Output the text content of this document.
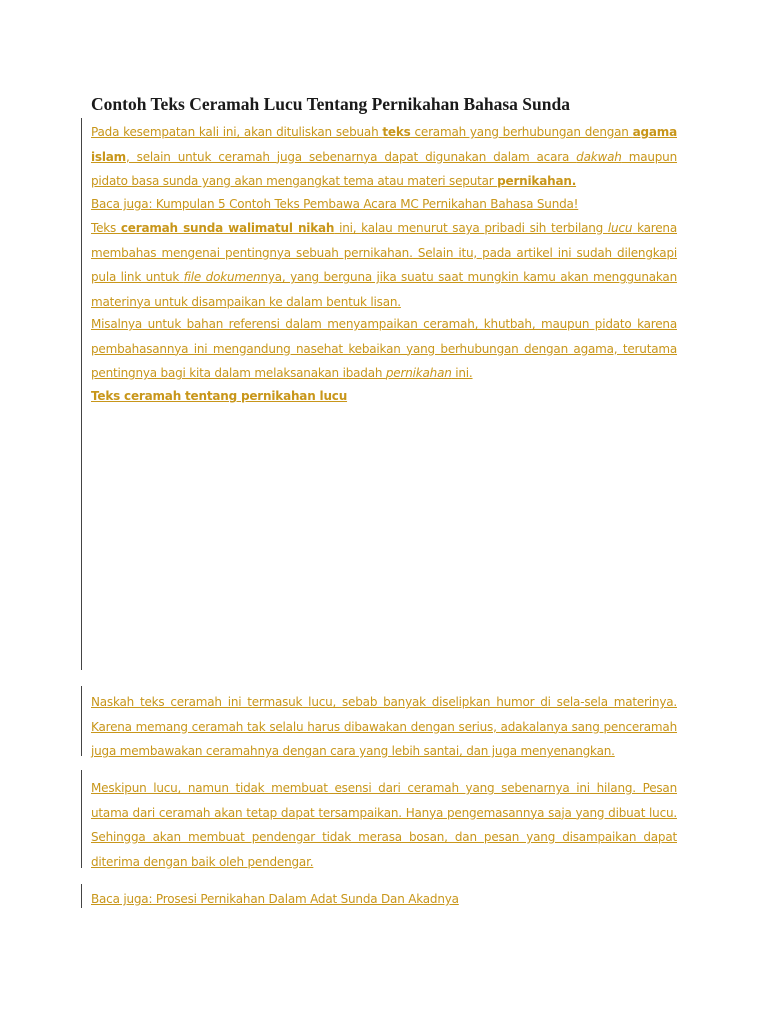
Contoh Teks Ceramah Lucu Tentang Pernikahan Bahasa Sunda

Pada kesempatan kali ini, akan dituliskan sebuah teks ceramah yang berhubungan dengan agama islam, selain untuk ceramah juga sebenarnya dapat digunakan dalam acara dakwah maupun pidato basa sunda yang akan mengangkat tema atau materi seputar pernikahan.

Baca juga: Kumpulan 5 Contoh Teks Pembawa Acara MC Pernikahan Bahasa Sunda!

Teks ceramah sunda walimatul nikah ini, kalau menurut saya pribadi sih terbilang lucu karena membahas mengenai pentingnya sebuah pernikahan. Selain itu, pada artikel ini sudah dilengkapi pula link untuk file dokumennya, yang berguna jika suatu saat mungkin kamu akan menggunakan materinya untuk disampaikan ke dalam bentuk lisan.

Misalnya untuk bahan referensi dalam menyampaikan ceramah, khutbah, maupun pidato karena pembahasannya ini mengandung nasehat kebaikan yang berhubungan dengan agama, terutama pentingnya bagi kita dalam melaksanakan ibadah pernikahan ini.

Teks ceramah tentang pernikahan lucu

Naskah teks ceramah ini termasuk lucu, sebab banyak diselipkan humor di sela-sela materinya. Karena memang ceramah tak selalu harus dibawakan dengan serius, adakalanya sang penceramah juga membawakan ceramahnya dengan cara yang lebih santai, dan juga menyenangkan.

Meskipun lucu, namun tidak membuat esensi dari ceramah yang sebenarnya ini hilang. Pesan utama dari ceramah akan tetap dapat tersampaikan. Hanya pengemasannya saja yang dibuat lucu. Sehingga akan membuat pendengar tidak merasa bosan, dan pesan yang disampaikan dapat diterima dengan baik oleh pendengar.

Baca juga: Prosesi Pernikahan Dalam Adat Sunda Dan Akadnya
